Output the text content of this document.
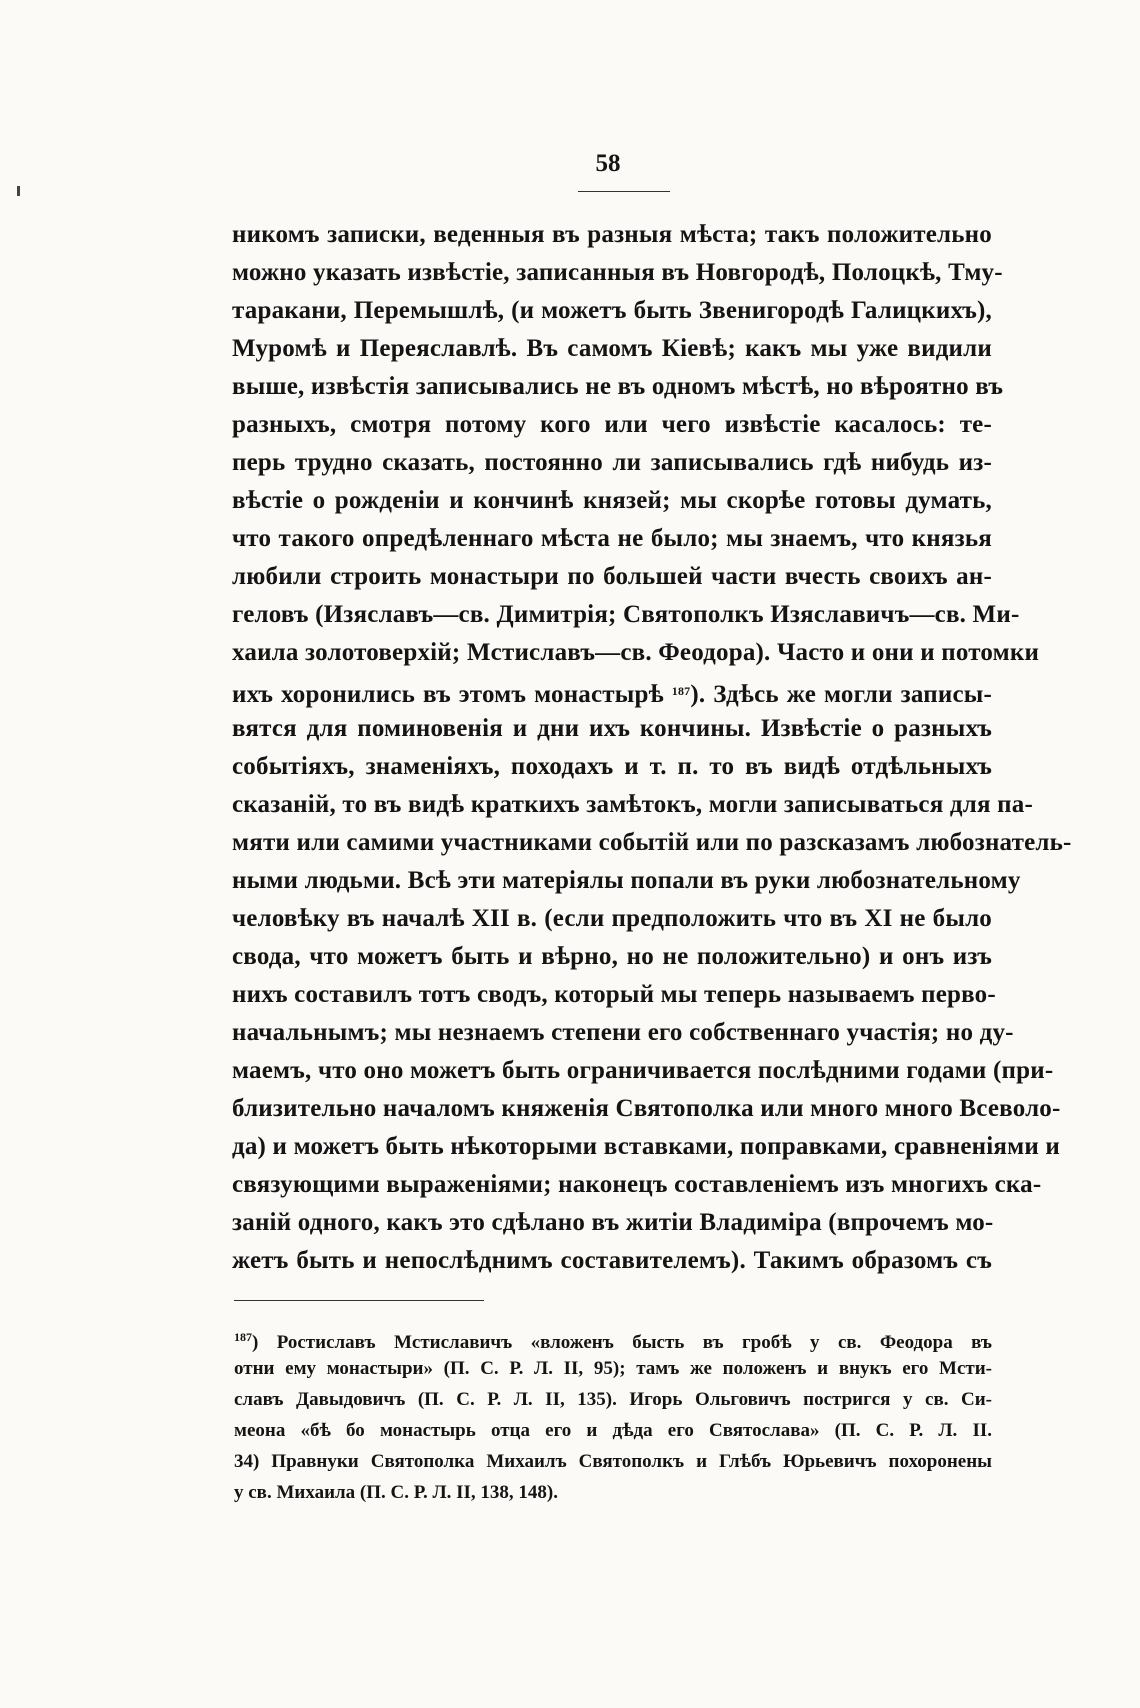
58
никомъ записки, веденныя въ разныя мѣста; такъ положительно
можно указать извѣстіе, записанныя въ Новгородѣ, Полоцкѣ, Тму-
таракани, Перемышлѣ, (и можетъ быть Звенигородѣ Галицкихъ),
Муромѣ и Переяславлѣ. Въ самомъ Кіевѣ; какъ мы уже видили
выше, извѣстія записывались не въ одномъ мѣстѣ, но вѣроятно въ
разныхъ, смотря потому кого или чего извѣстіе касалось: те-
перь трудно сказать, постоянно ли записывались гдѣ нибудь из-
вѣстіе о рожденіи и кончинѣ князей; мы скорѣе готовы думать,
что такого опредѣленнаго мѣста не было; мы знаемъ, что князья
любили строить монастыри по большей части вчесть своихъ ан-
геловъ (Изяславъ—св. Димитрія; Святополкъ Изяславичъ—св. Ми-
хаила золотоверхій; Мстиславъ—св. Феодора). Часто и они и потомки
ихъ хоронились въ этомъ монастырѣ $^{187}$). Здѣсь же могли записы-
вятся для поминовенія и дни ихъ кончины. Извѣстіе о разныхъ
событіяхъ, знаменіяхъ, походахъ и т. п. то въ видѣ отдѣльныхъ
сказаній, то въ видѣ краткихъ замѣтокъ, могли записываться для па-
мяти или самими участниками событій или по разсказамъ любознатель-
ными людьми. Всѣ эти матеріялы попали въ руки любознательному
человѣку въ началѣ XII в. (если предположить что въ XI не было
свода, что можетъ быть и вѣрно, но не положительно) и онъ изъ
нихъ составилъ тотъ сводъ, который мы теперь называемъ перво-
начальнымъ; мы незнаемъ степени его собственнаго участія; но ду-
маемъ, что оно можетъ быть ограничивается послѣдними годами (при-
близительно началомъ княженія Святополка или много много Всеволо-
да) и можетъ быть нѣкоторыми вставками, поправками, сравненіями и
связующими выраженіями; наконецъ составленіемъ изъ многихъ ска-
заній одного, какъ это сдѣлано въ житіи Владиміра (впрочемъ мо-
жетъ быть и непослѣднимъ составителемъ). Такимъ образомъ съ
$^{187}$) Ростиславъ Мстиславичъ «вложенъ бысть въ гробѣ у св. Феодора въ
отни ему монастыри» (П. С. Р. Л. II, 95); тамъ же положенъ и внукъ его Мсти-
славъ Давыдовичъ (П. С. Р. Л. II, 135). Игорь Ольговичъ постригся у св. Си-
меона «бѣ бо монастырь отца его и дѣда его Святослава» (П. С. Р. Л. II.
34) Правнуки Святополка Михаилъ Святополкъ и Глѣбъ Юрьевичъ похоронены
у св. Михаила (П. С. Р. Л. II, 138, 148).
